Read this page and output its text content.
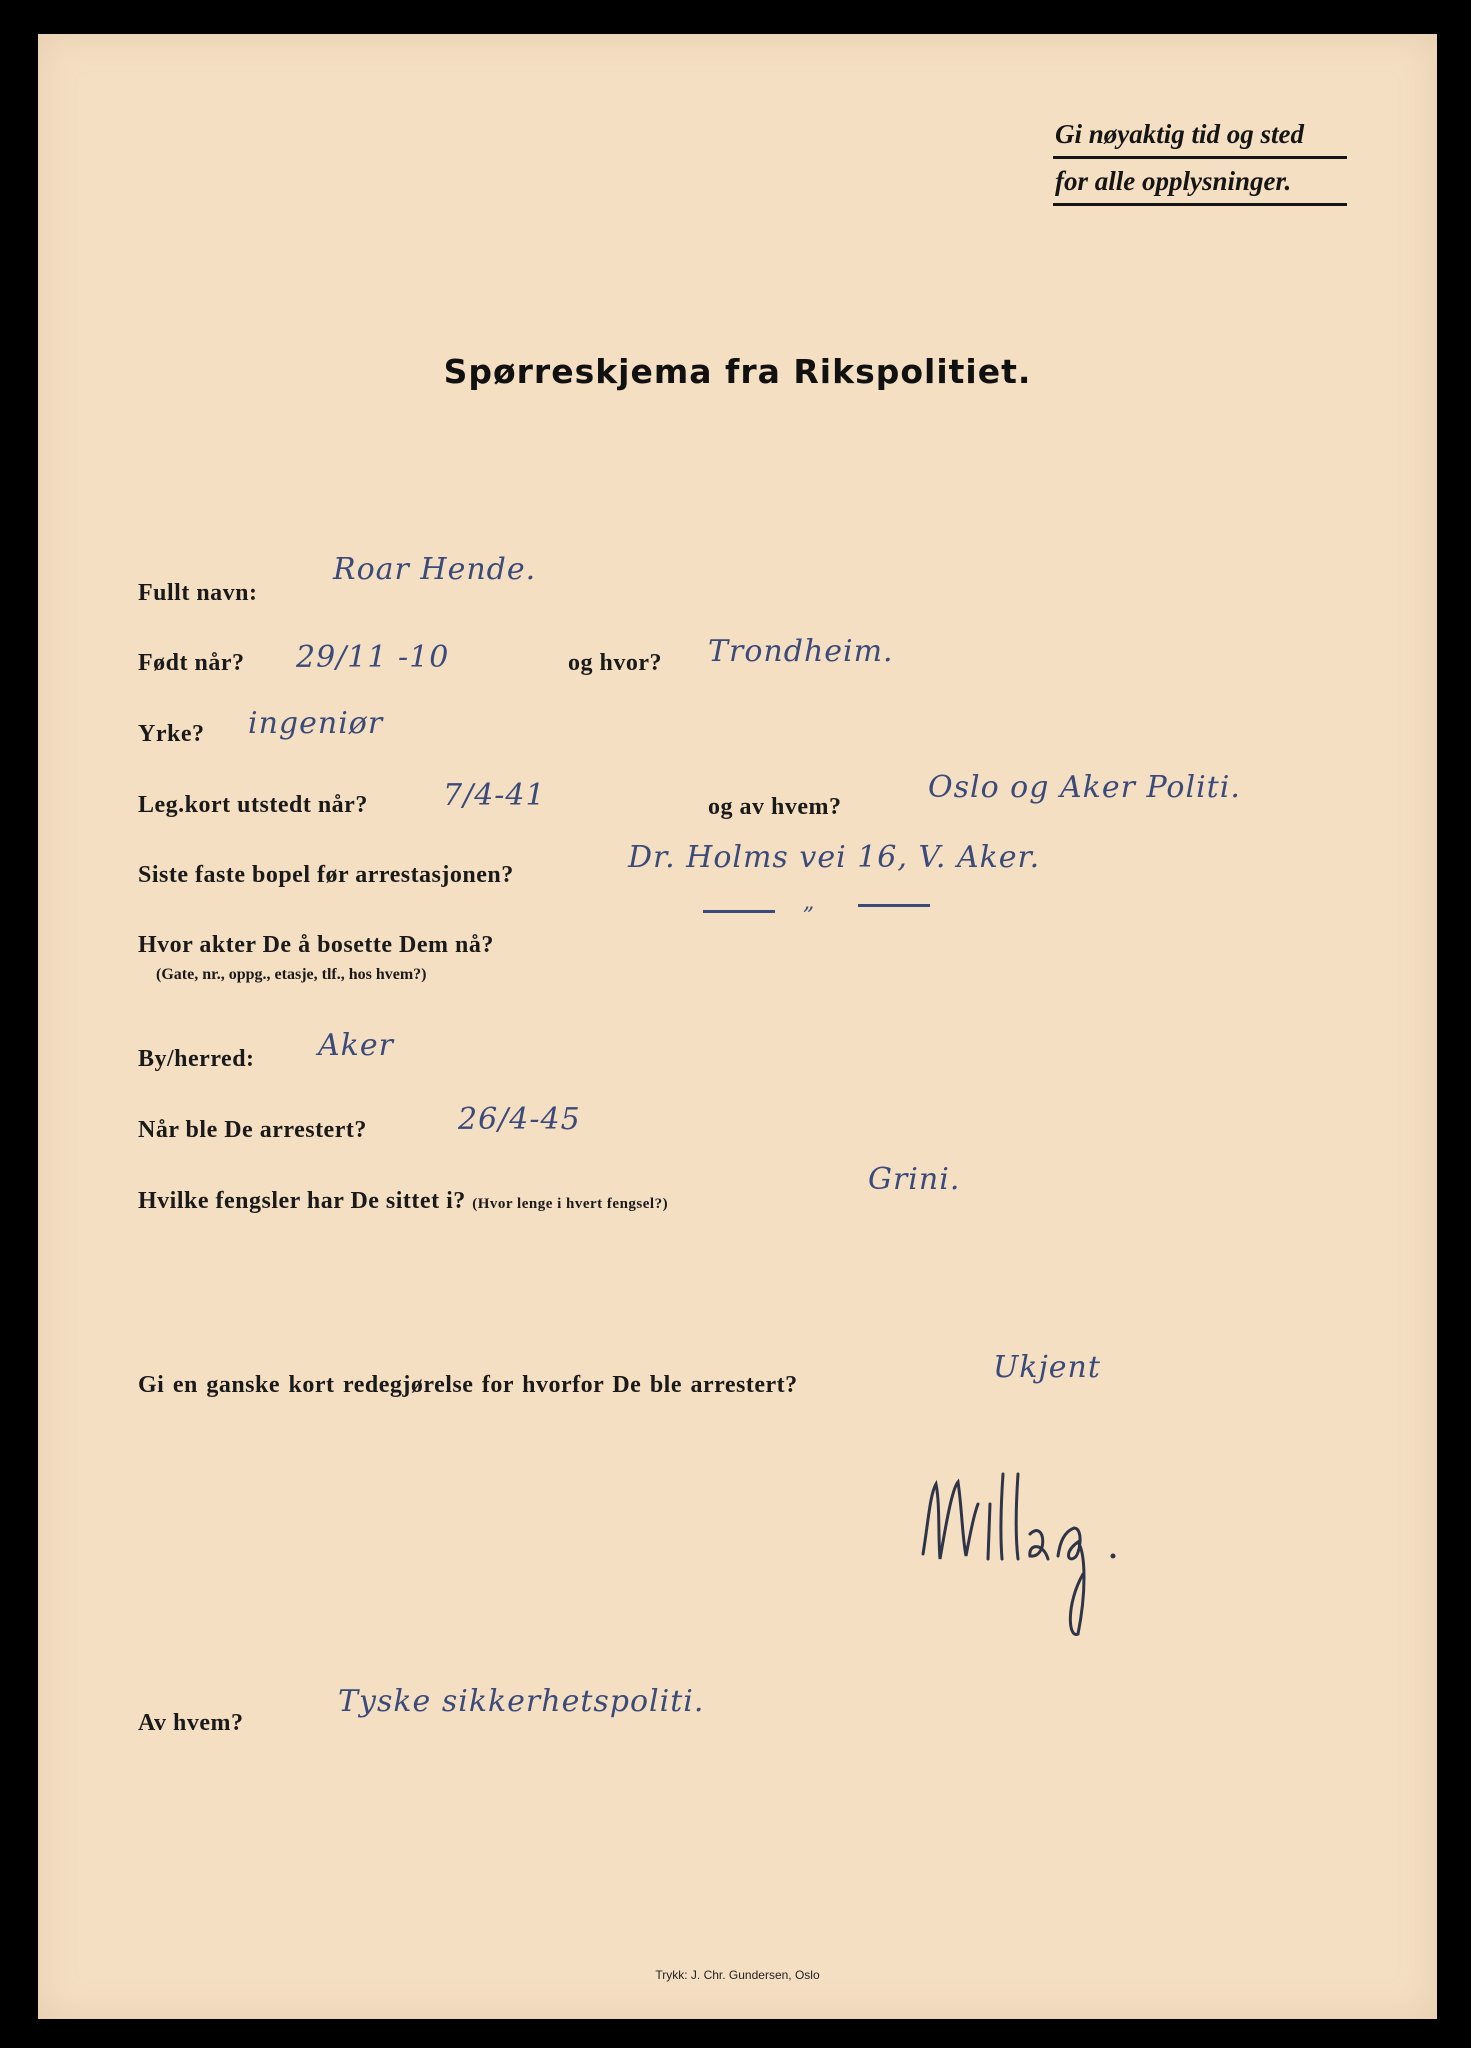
Gi nøyaktig tid og sted
for alle opplysninger.
Spørreskjema fra Rikspolitiet.
Fullt navn:
Roar Hende.
Født når? 29/11 -10	og hvor? Trondheim.
Yrke? ingeniør
Leg.kort utstedt når?	7/4-41	og av hvem?
Oslo og Aker Politi.
Siste faste bopel før arrestasjonen?	Dr. Holms vei 16, V. Aker.
Hvor akter De å bosette Dem nå?
(Gate, nr., oppg., etasje, tlf., hos hvem?)
„
By/herred: Aker
Når ble De arrestert?	26/4-45
Hvilke fengsler har De sittet i? (Hvor lenge i hvert fengsel?)
Grini.
Gi en ganske kort redegjørelse for hvorfor De ble arrestert?	Ukjent
Av hvem?
Tyske sikkerhetspoliti.
Trykk: J. Chr. Gundersen, Oslo
